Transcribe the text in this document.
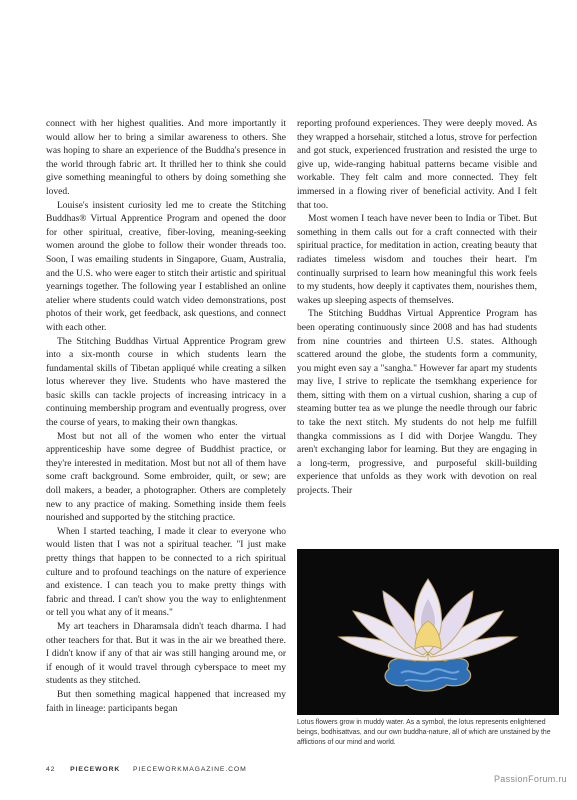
connect with her highest qualities. And more importantly it would allow her to bring a similar awareness to others. She was hoping to share an experience of the Buddha's presence in the world through fabric art. It thrilled her to think she could give something meaningful to others by doing something she loved.

Louise's insistent curiosity led me to create the Stitching Buddhas® Virtual Apprentice Program and opened the door for other spiritual, creative, fiber-loving, meaning-seeking women around the globe to follow their wonder threads too. Soon, I was emailing students in Singapore, Guam, Australia, and the U.S. who were eager to stitch their artistic and spiritual yearnings together. The following year I established an online atelier where students could watch video demonstrations, post photos of their work, get feedback, ask questions, and connect with each other.

The Stitching Buddhas Virtual Apprentice Program grew into a six-month course in which students learn the fundamental skills of Tibetan appliqué while creating a silken lotus wherever they live. Students who have mastered the basic skills can tackle projects of increasing intricacy in a continuing membership program and eventually progress, over the course of years, to making their own thangkas.

Most but not all of the women who enter the virtual apprenticeship have some degree of Buddhist practice, or they're interested in meditation. Most but not all of them have some craft background. Some embroider, quilt, or sew; are doll makers, a beader, a photographer. Others are completely new to any practice of making. Something inside them feels nourished and supported by the stitching practice.

When I started teaching, I made it clear to everyone who would listen that I was not a spiritual teacher. "I just make pretty things that happen to be connected to a rich spiritual culture and to profound teachings on the nature of experience and existence. I can teach you to make pretty things with fabric and thread. I can't show you the way to enlightenment or tell you what any of it means."

My art teachers in Dharamsala didn't teach dharma. I had other teachers for that. But it was in the air we breathed there. I didn't know if any of that air was still hanging around me, or if enough of it would travel through cyberspace to meet my students as they stitched.

But then something magical happened that increased my faith in lineage: participants began

reporting profound experiences. They were deeply moved. As they wrapped a horsehair, stitched a lotus, strove for perfection and got stuck, experienced frustration and resisted the urge to give up, wide-ranging habitual patterns became visible and workable. They felt calm and more connected. They felt immersed in a flowing river of beneficial activity. And I felt that too.

Most women I teach have never been to India or Tibet. But something in them calls out for a craft connected with their spiritual practice, for meditation in action, creating beauty that radiates timeless wisdom and touches their heart. I'm continually surprised to learn how meaningful this work feels to my students, how deeply it captivates them, nourishes them, wakes up sleeping aspects of themselves.

The Stitching Buddhas Virtual Apprentice Program has been operating continuously since 2008 and has had students from nine countries and thirteen U.S. states. Although scattered around the globe, the students form a community, you might even say a "sangha." However far apart my students may live, I strive to replicate the tsemkhang experience for them, sitting with them on a virtual cushion, sharing a cup of steaming butter tea as we plunge the needle through our fabric to take the next stitch. My students do not help me fulfill thangka commissions as I did with Dorjee Wangdu. They aren't exchanging labor for learning. But they are engaging in a long-term, progressive, and purposeful skill-building experience that unfolds as they work with devotion on real projects. Their

Lotus flowers grow in muddy water. As a symbol, the lotus represents enlightened beings, bodhisattvas, and our own buddha-nature, all of which are unstained by the afflictions of our mind and world.
42 PIECEWORK PIECEWORKMAGAZINE.COM
PassionForum.ru
